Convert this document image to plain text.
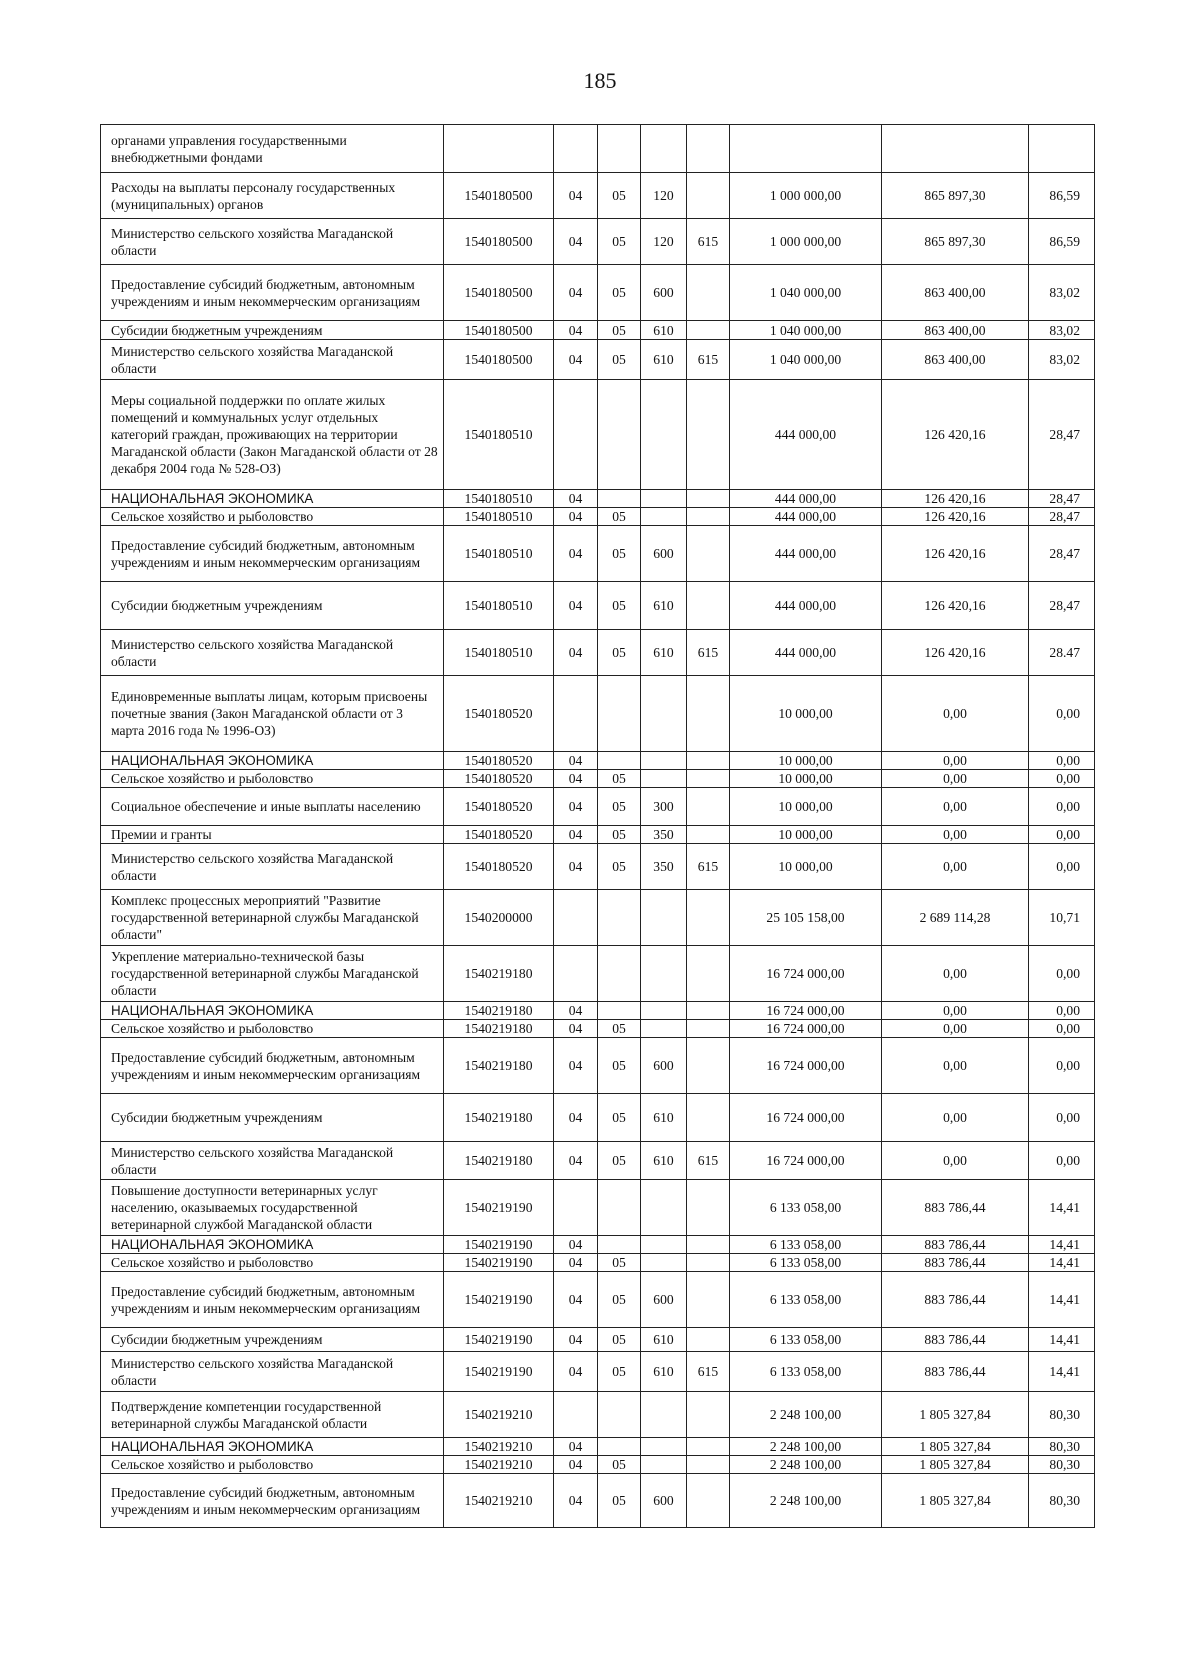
185
органами управления государственными внебюджетными фондами								

Расходы на выплаты персоналу государственных (муниципальных) органов	1540180500	04	05	120		1 000 000,00	865 897,30	86,59

Министерство сельского хозяйства Магаданской области	1540180500	04	05	120	615	1 000 000,00	865 897,30	86,59

Предоставление субсидий бюджетным, автономным учреждениям и иным некоммерческим организациям	1540180500	04	05	600		1 040 000,00	863 400,00	83,02

Субсидии бюджетным учреждениям	1540180500	04	05	610		1 040 000,00	863 400,00	83,02

Министерство сельского хозяйства Магаданской области	1540180500	04	05	610	615	1 040 000,00	863 400,00	83,02

Меры социальной поддержки по оплате жилых помещений и коммунальных услуг отдельных категорий граждан, проживающих на территории Магаданской области (Закон Магаданской области от 28 декабря 2004 года № 528-ОЗ)	1540180510					444 000,00	126 420,16	28,47

НАЦИОНАЛЬНАЯ ЭКОНОМИКА	1540180510	04				444 000,00	126 420,16	28,47

Сельское хозяйство и рыболовство	1540180510	04	05			444 000,00	126 420,16	28,47

Предоставление субсидий бюджетным, автономным учреждениям и иным некоммерческим организациям	1540180510	04	05	600		444 000,00	126 420,16	28,47

Субсидии бюджетным учреждениям	1540180510	04	05	610		444 000,00	126 420,16	28,47

Министерство сельского хозяйства Магаданской области	1540180510	04	05	610	615	444 000,00	126 420,16	28.47

Единовременные выплаты лицам, которым присвоены почетные звания (Закон Магаданской области от 3 марта 2016 года № 1996-ОЗ)	1540180520					10 000,00	0,00	0,00

НАЦИОНАЛЬНАЯ ЭКОНОМИКА	1540180520	04				10 000,00	0,00	0,00

Сельское хозяйство и рыболовство	1540180520	04	05			10 000,00	0,00	0,00

Социальное обеспечение и иные выплаты населению	1540180520	04	05	300		10 000,00	0,00	0,00

Премии и гранты	1540180520	04	05	350		10 000,00	0,00	0,00

Министерство сельского хозяйства Магаданской области	1540180520	04	05	350	615	10 000,00	0,00	0,00

Комплекс процессных мероприятий "Развитие государственной ветеринарной службы Магаданской области"	1540200000					25 105 158,00	2 689 114,28	10,71

Укрепление материально-технической базы государственной ветеринарной службы Магаданской области	1540219180					16 724 000,00	0,00	0,00

НАЦИОНАЛЬНАЯ ЭКОНОМИКА	1540219180	04				16 724 000,00	0,00	0,00

Сельское хозяйство и рыболовство	1540219180	04	05			16 724 000,00	0,00	0,00

Предоставление субсидий бюджетным, автономным учреждениям и иным некоммерческим организациям	1540219180	04	05	600		16 724 000,00	0,00	0,00

Субсидии бюджетным учреждениям	1540219180	04	05	610		16 724 000,00	0,00	0,00

Министерство сельского хозяйства Магаданской области	1540219180	04	05	610	615	16 724 000,00	0,00	0,00

Повышение доступности ветеринарных услуг населению, оказываемых государственной ветеринарной службой Магаданской области	1540219190					6 133 058,00	883 786,44	14,41

НАЦИОНАЛЬНАЯ ЭКОНОМИКА	1540219190	04				6 133 058,00	883 786,44	14,41

Сельское хозяйство и рыболовство	1540219190	04	05			6 133 058,00	883 786,44	14,41

Предоставление субсидий бюджетным, автономным учреждениям и иным некоммерческим организациям	1540219190	04	05	600		6 133 058,00	883 786,44	14,41

Субсидии бюджетным учреждениям	1540219190	04	05	610		6 133 058,00	883 786,44	14,41

Министерство сельского хозяйства Магаданской области	1540219190	04	05	610	615	6 133 058,00	883 786,44	14,41

Подтверждение компетенции государственной ветеринарной службы Магаданской области	1540219210					2 248 100,00	1 805 327,84	80,30

НАЦИОНАЛЬНАЯ ЭКОНОМИКА	1540219210	04				2 248 100,00	1 805 327,84	80,30

Сельское хозяйство и рыболовство	1540219210	04	05			2 248 100,00	1 805 327,84	80,30

Предоставление субсидий бюджетным, автономным учреждениям и иным некоммерческим организациям	1540219210	04	05	600		2 248 100,00	1 805 327,84	80,30
